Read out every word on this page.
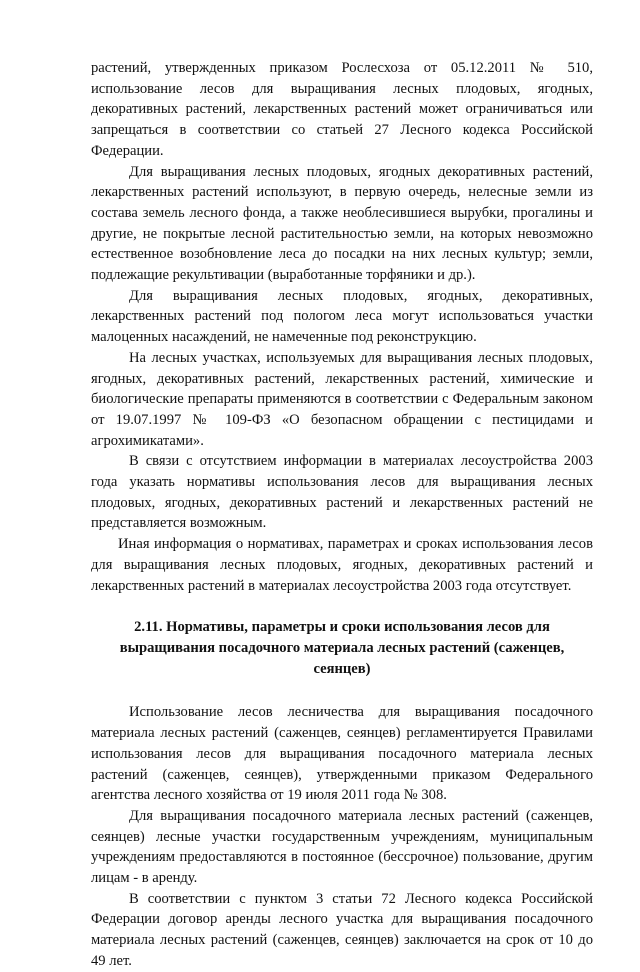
растений, утвержденных приказом Рослесхоза от 05.12.2011 № 510, использование лесов для выращивания лесных плодовых, ягодных, декоративных растений, лекарственных растений может ограничиваться или запрещаться в соответствии со статьей 27 Лесного кодекса Российской Федерации.

Для выращивания лесных плодовых, ягодных декоративных растений, лекарственных растений используют, в первую очередь, нелесные земли из состава земель лесного фонда, а также необлесившиеся вырубки, прогалины и другие, не покрытые лесной растительностью земли, на которых невозможно естественное возобновление леса до посадки на них лесных культур; земли, подлежащие рекультивации (выработанные торфяники и др.).

Для выращивания лесных плодовых, ягодных, декоративных, лекарственных растений под пологом леса могут использоваться участки малоценных насаждений, не намеченные под реконструкцию.

На лесных участках, используемых для выращивания лесных плодовых, ягодных, декоративных растений, лекарственных растений, химические и биологические препараты применяются в соответствии с Федеральным законом от 19.07.1997 № 109-ФЗ «О безопасном обращении с пестицидами и агрохимикатами».

В связи с отсутствием информации в материалах лесоустройства 2003 года указать нормативы использования лесов для выращивания лесных плодовых, ягодных, декоративных растений и лекарственных растений не представляется возможным.

Иная информация о нормативах, параметрах и сроках использования лесов для выращивания лесных плодовых, ягодных, декоративных растений и лекарственных растений в материалах лесоустройства 2003 года отсутствует.

2.11. Нормативы, параметры и сроки использования лесов для выращивания посадочного материала лесных растений (саженцев, сеянцев)

Использование лесов лесничества для выращивания посадочного материала лесных растений (саженцев, сеянцев) регламентируется Правилами использования лесов для выращивания посадочного материала лесных растений (саженцев, сеянцев), утвержденными приказом Федерального агентства лесного хозяйства от 19 июля 2011 года № 308.

Для выращивания посадочного материала лесных растений (саженцев, сеянцев) лесные участки государственным учреждениям, муниципальным учреждениям предоставляются в постоянное (бессрочное) пользование, другим лицам - в аренду.

В соответствии с пунктом 3 статьи 72 Лесного кодекса Российской Федерации договор аренды лесного участка для выращивания посадочного материала лесных растений (саженцев, сеянцев) заключается на срок от 10 до 49 лет.
